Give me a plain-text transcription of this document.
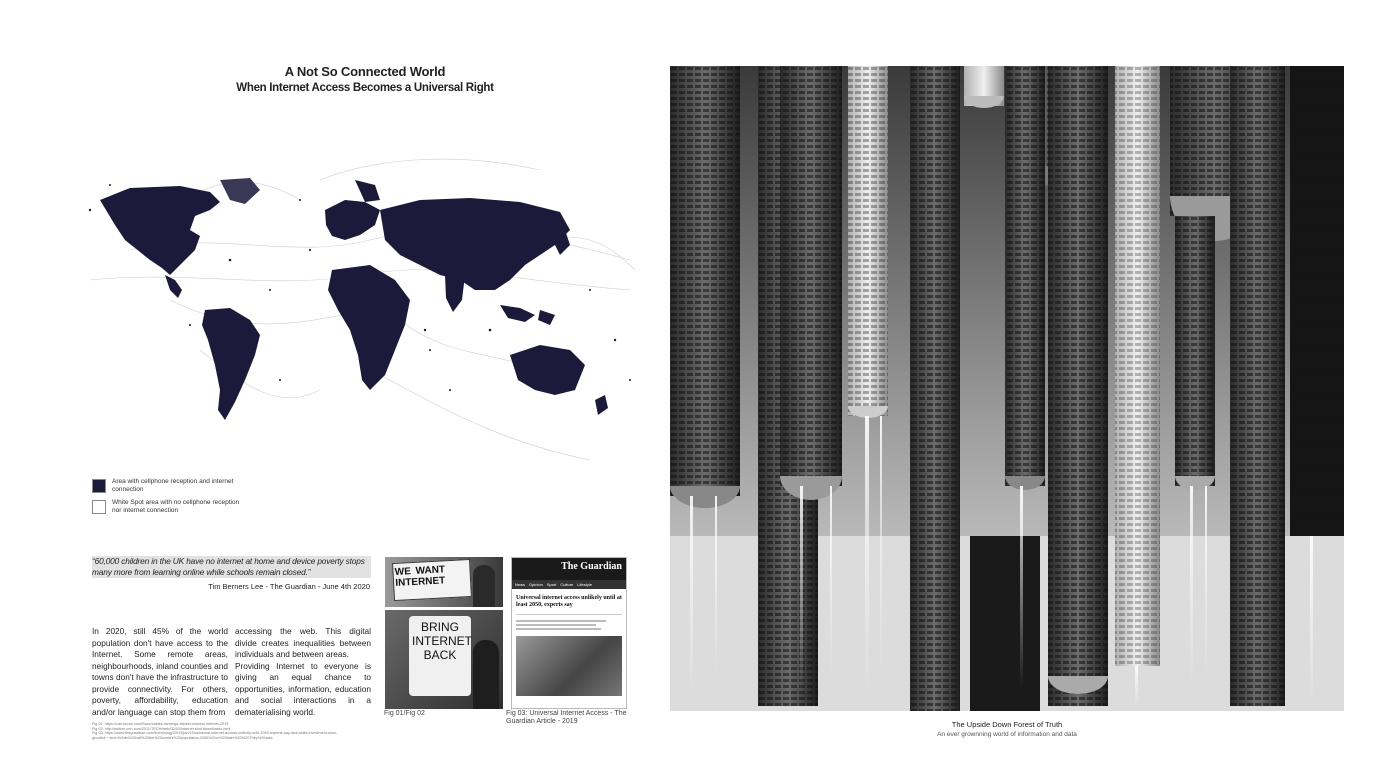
A Not So Connected World
When Internet Access Becomes a Universal Right
Area with cellphone reception and internet connection
White Spot area with no cellphone reception nor internet connection
“60,000 children in the UK have no internet at home and device poverty stops many more from learning online while schools remain closed.”
Tim Berners Lee - The Guardian - June 4th 2020

In 2020, still 45% of the world population don't have access to the Internet. Some remote areas, neighbourhoods, inland counties and towns don't have the infrastructure to provide connectivity. For others, poverty, affordability, education and/or language can stop them from

accessing the web. This digital divide creates inequalities between individuals and between areas.

Providing Internet to everyone is giving an equal chance to opportunities, information, education and social interactions in a dematerialising world.

Fig 01: https://carrozone.com/Buzz/cables-rankings-fastest-slowest-internet-2019
Fig 02: http://edition.cnn.com/2011/TECH/web/02/03/internet.shut.down/index.html
Fig 03: https://www.theguardian.com/technology/2019/jan/15/universal-internet-access-unlikely-until-2050-experts-say-lack-skills-investment-slow-growth#:~:text=While%20half%20the%20world's%20population,2050%20or%20later%20%20They%20said.
WE WANT INTERNET
BRING INTERNET BACK
The Guardian
News Opinion Sport Culture Lifestyle
Universal internet access unlikely until at least 2050, experts say
Fig 01/Fig 02	Fig 03: Universal Internet Access - The Guardian Article - 2019	The Upside Down Forest of Truth
An ever grownning world of information and data
